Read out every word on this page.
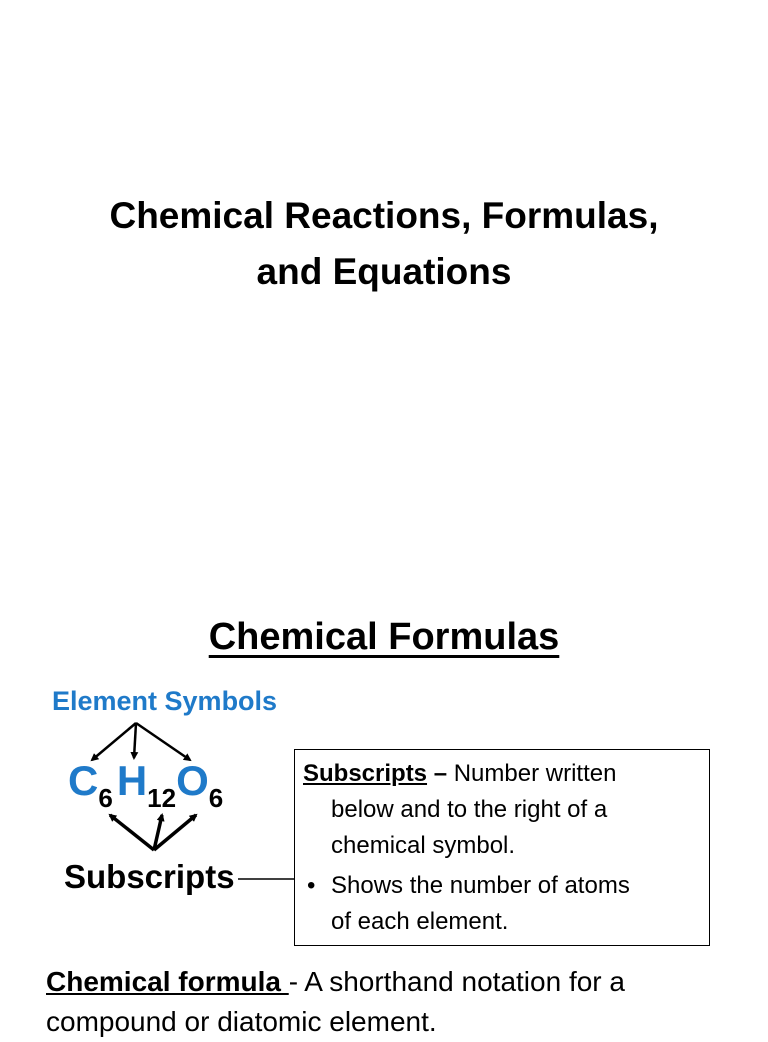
Chemical Reactions, Formulas,
and Equations
Chemical Formulas
Element Symbols
$C_6H_{12}O_6$
Subscripts
Subscripts – Number written
below and to the right of a
chemical symbol.
• Shows the number of atoms
of each element.
Chemical formula - A shorthand notation for a compound or diatomic element.
